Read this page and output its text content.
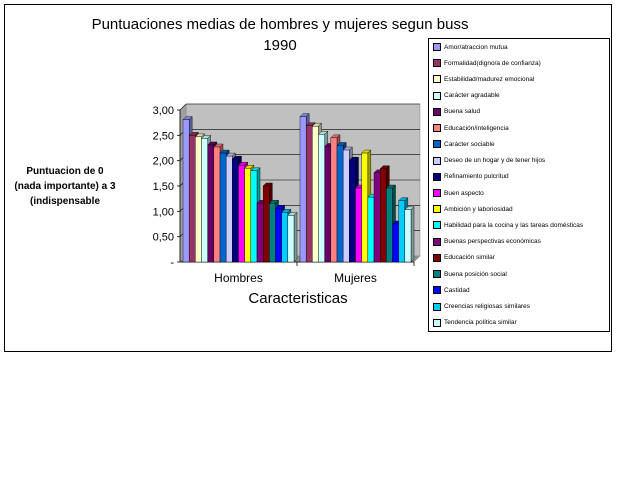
Puntuaciones medias de hombres y mujeres segun buss
1990
Puntuacion de 0
(nada importante) a 3
(indispensable
-
0,50
1,00
1,50
2,00
2,50
3,00
Hombres	Mujeres
Caracteristicas
Amor/atraccion mutua
Formalidad(digno/a de confianza)
Estabilidad/madurez emocional
Carácter agradable
Buena salud
Educación/inteligencia
Carácter sociable
Deseo de un hogar y de tener hijos
Refinamiento pulcritud
Buen aspecto
Ambición y laboriosidad
Habilidad para la cocina y las tareas domésticas
Buenas perspectivas económicas
Educación similar
Buena posición social
Castidad
Creencias religiosas similares
Tendencia política similar
